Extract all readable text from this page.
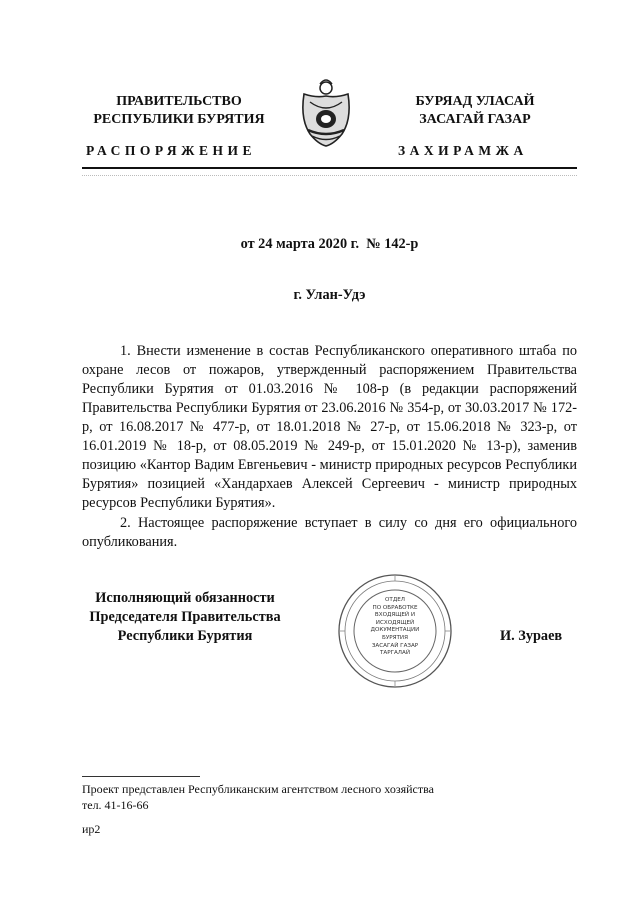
ПРАВИТЕЛЬСТВО
РЕСПУБЛИКИ БУРЯТИЯ
БУРЯАД УЛАСАЙ
ЗАСАГАЙ ГАЗАР
РАСПОРЯЖЕНИЕ	ЗАХИРАМЖА
от 24 марта 2020 г.  № 142-р
г. Улан-Удэ

1. Внести изменение в состав Республиканского оперативного штаба по охране лесов от пожаров, утвержденный распоряжением Правительства Республики Бурятия от 01.03.2016 № 108-р (в редакции распоряжений Правительства Республики Бурятия от 23.06.2016 № 354-р, от 30.03.2017 № 172-р, от 16.08.2017 № 477-р, от 18.01.2018 № 27-р, от 15.06.2018 № 323-р, от 16.01.2019 № 18-р, от 08.05.2019 № 249-р, от 15.01.2020 № 13-р), заменив позицию «Кантор Вадим Евгеньевич - министр природных ресурсов Республики Бурятия» позицией «Хандархаев Алексей Сергеевич - министр природных ресурсов Республики Бурятия».

2. Настоящее распоряжение вступает в силу со дня его официального опубликования.

Исполняющий обязанности
Председателя Правительства
Республики Бурятия
ОТДЕЛ
ПО ОБРАБОТКЕ
ВХОДЯЩЕЙ И
ИСХОДЯЩЕЙ
ДОКУМЕНТАЦИИ
БУРЯТИЯ
ЗАСАГАЙ ГАЗАР
ТАРГАЛАЙ
И. Зураев
Проект представлен Республиканским агентством лесного хозяйства
тел. 41-16-66
ир2
